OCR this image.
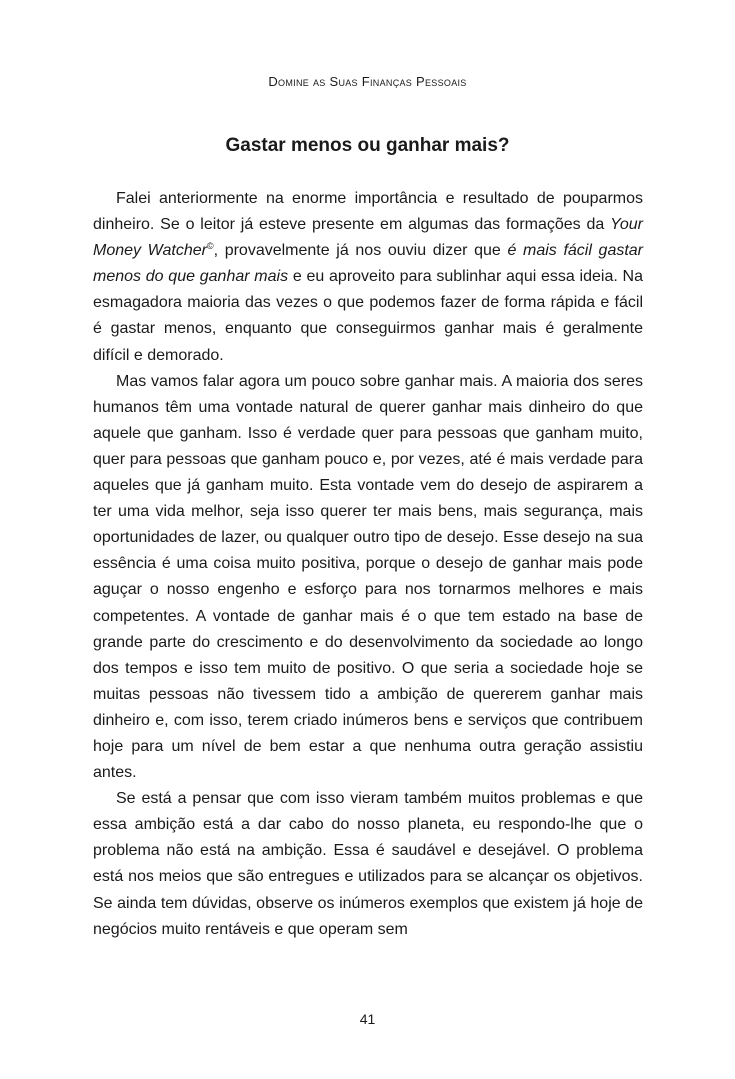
Domine as Suas Finanças Pessoais
Gastar menos ou ganhar mais?

Falei anteriormente na enorme importância e resultado de pouparmos dinheiro. Se o leitor já esteve presente em algumas das formações da Your Money Watcher©, provavelmente já nos ouviu dizer que é mais fácil gastar menos do que ganhar mais e eu aproveito para sublinhar aqui essa ideia. Na esmagadora maioria das vezes o que podemos fazer de forma rápida e fácil é gastar menos, enquanto que conseguirmos ganhar mais é geralmente difícil e demorado.

Mas vamos falar agora um pouco sobre ganhar mais. A maioria dos seres humanos têm uma vontade natural de querer ganhar mais dinheiro do que aquele que ganham. Isso é verdade quer para pessoas que ganham muito, quer para pessoas que ganham pouco e, por vezes, até é mais verdade para aqueles que já ganham muito. Esta vontade vem do desejo de aspirarem a ter uma vida melhor, seja isso querer ter mais bens, mais segurança, mais oportunidades de lazer, ou qualquer outro tipo de desejo. Esse desejo na sua essência é uma coisa muito positiva, porque o desejo de ganhar mais pode aguçar o nosso engenho e esforço para nos tornarmos melhores e mais competentes. A vontade de ganhar mais é o que tem estado na base de grande parte do crescimento e do desenvolvimento da sociedade ao longo dos tempos e isso tem muito de positivo. O que seria a sociedade hoje se muitas pessoas não tivessem tido a ambição de quererem ganhar mais dinheiro e, com isso, terem criado inúmeros bens e serviços que contribuem hoje para um nível de bem estar a que nenhuma outra geração assistiu antes.

Se está a pensar que com isso vieram também muitos problemas e que essa ambição está a dar cabo do nosso planeta, eu respondo-lhe que o problema não está na ambição. Essa é saudável e desejável. O problema está nos meios que são entregues e utilizados para se alcançar os objetivos. Se ainda tem dúvidas, observe os inúmeros exemplos que existem já hoje de negócios muito rentáveis e que operam sem

41
